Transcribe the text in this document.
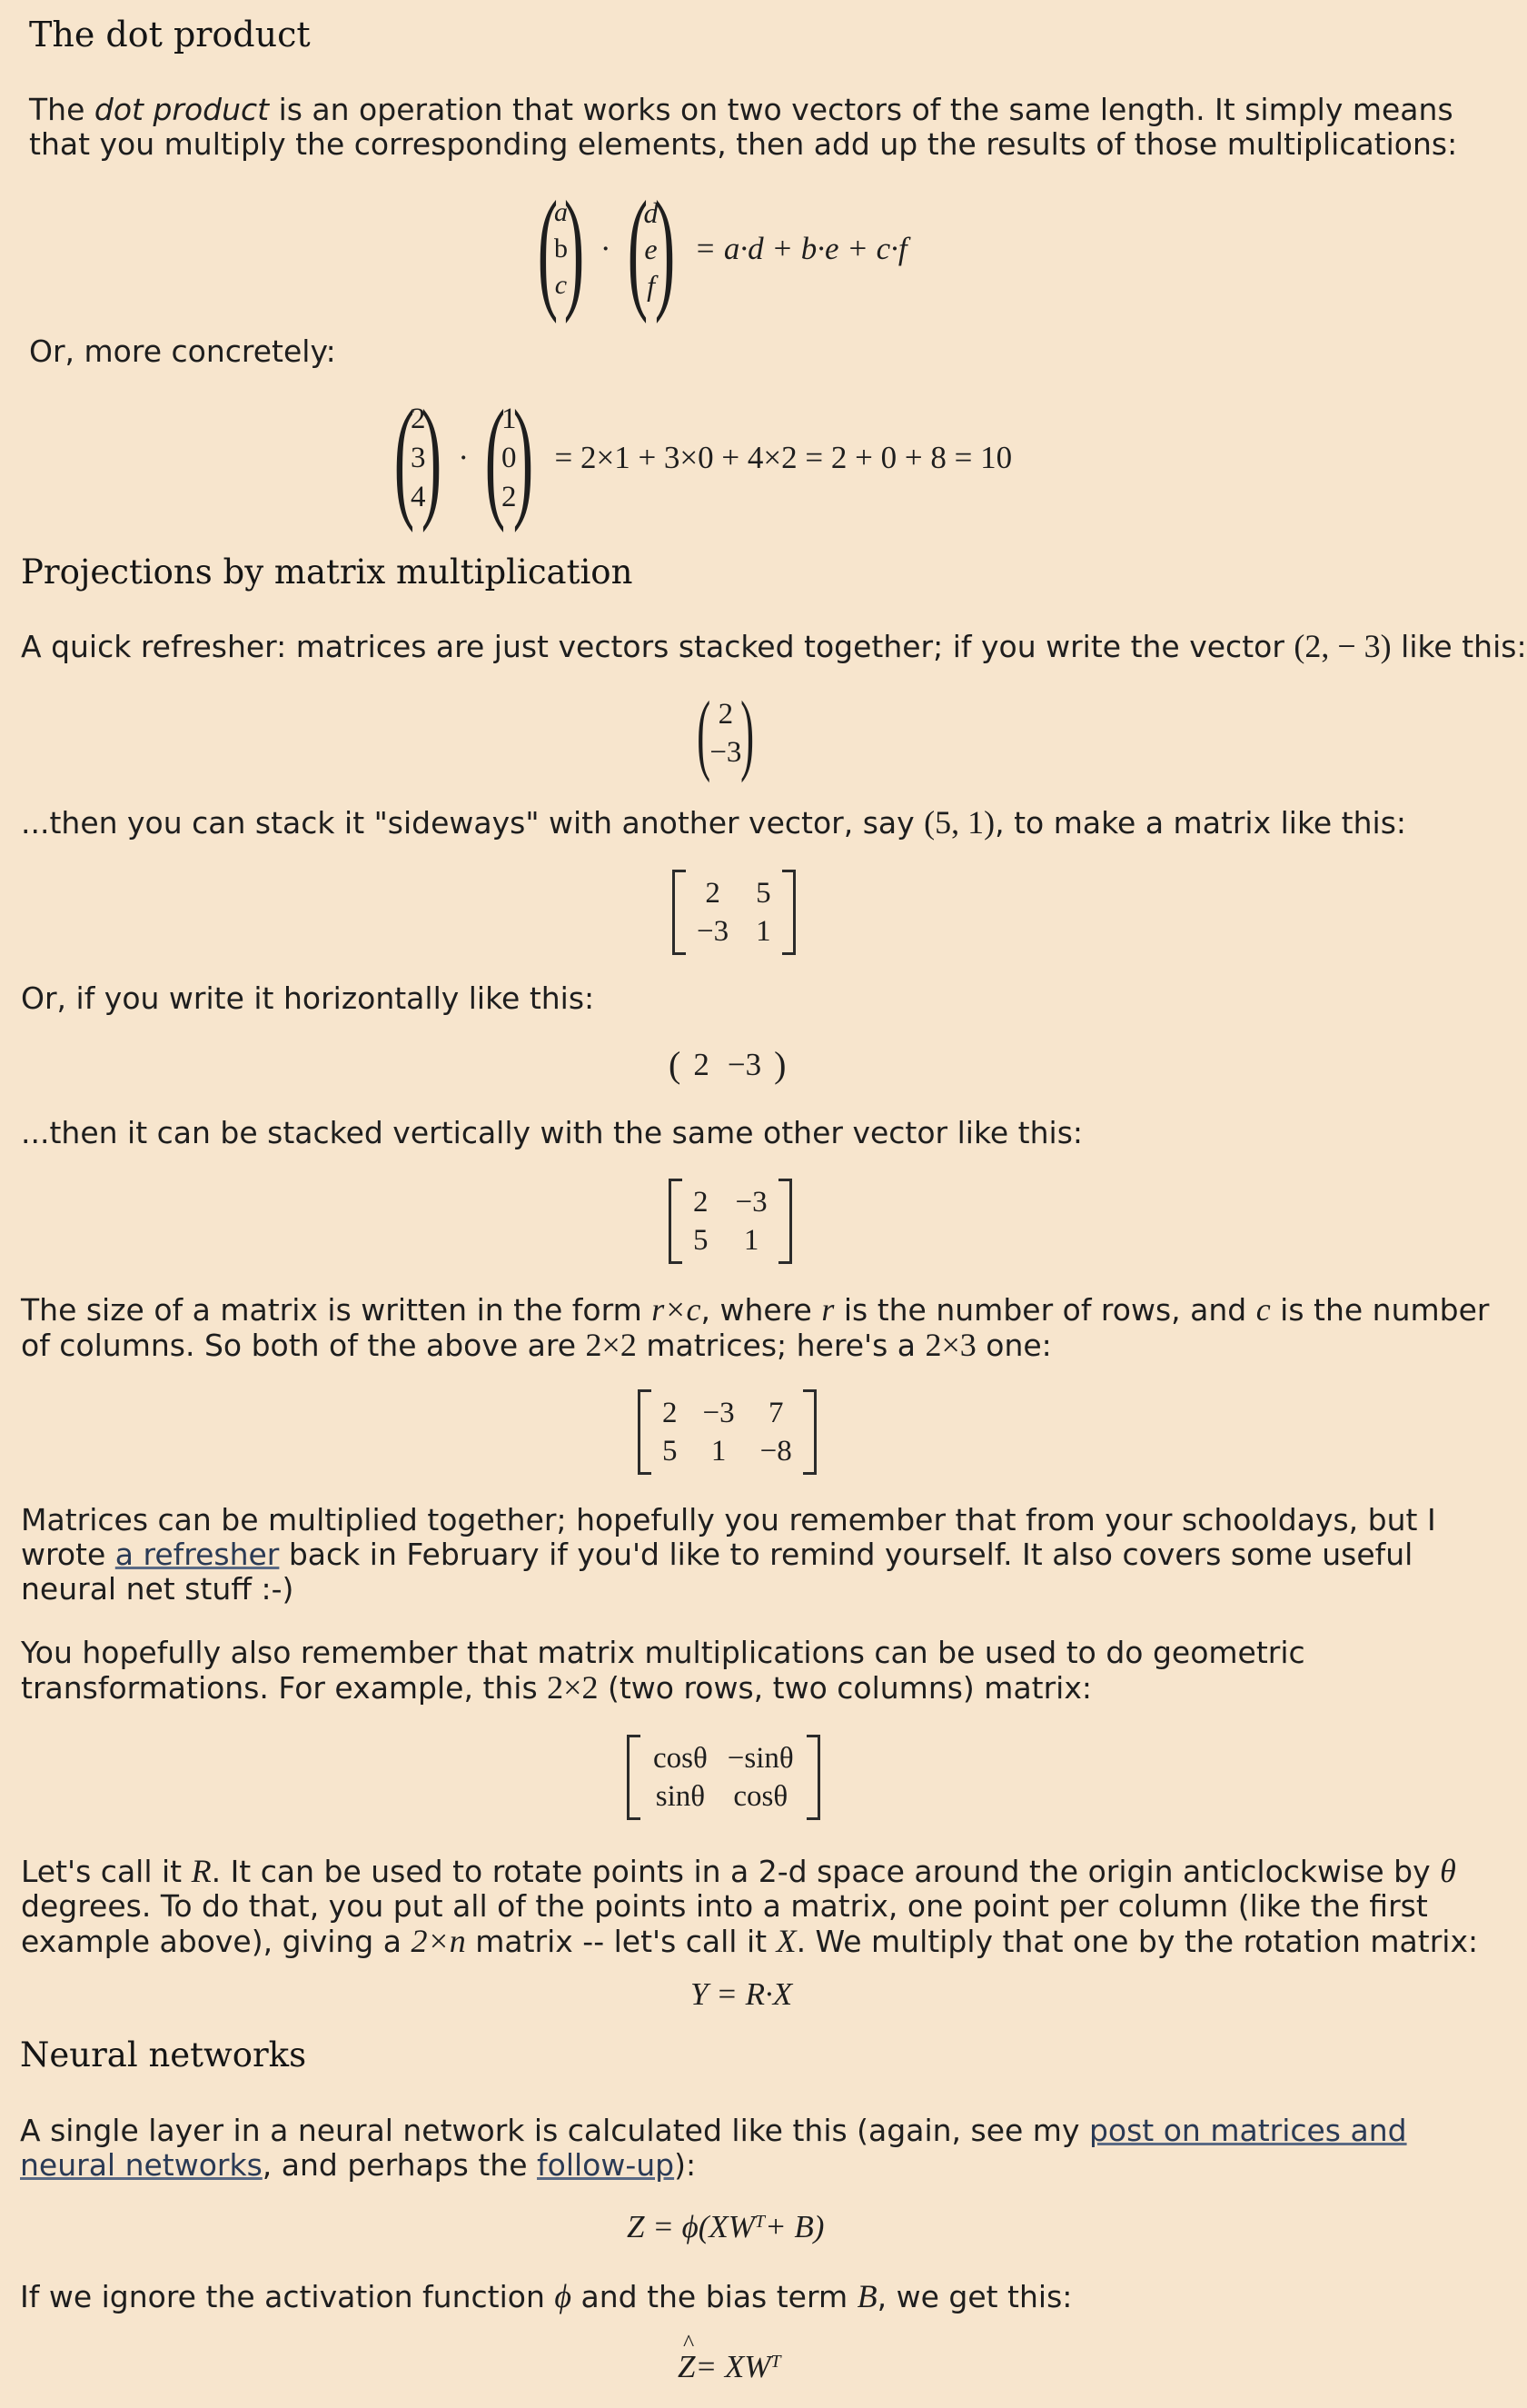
The dot product

The dot product is an operation that works on two vectors of the same length. It simply means that you multiply the corresponding elements, then add up the results of those multiplications:

(
a
b
c
) · (
d
e
f ) = a·d + b·e + c·f

Or, more concretely:

(
2
3
4
) · (
1
0
2
) = 2×1 + 3×0 + 4×2 = 2 + 0 + 8 = 10
Projections by matrix multiplication

A quick refresher: matrices are just vectors stacked together; if you write the vector (2, − 3) like this:

( 2
−3 )

...then you can stack it "sideways" with another vector, say (5, 1), to make a matrix like this:

2 5
−3 1

Or, if you write it horizontally like this:

( 2 −3 )

...then it can be stacked vertically with the same other vector like this:

2 −3
5 1

The size of a matrix is written in the form r×c, where r is the number of rows, and c is the number of columns. So both of the above are 2×2 matrices; here's a 2×3 one:

2 −3 7
5 1 −8

Matrices can be multiplied together; hopefully you remember that from your schooldays, but I wrote a refresher back in February if you'd like to remind yourself. It also covers some useful neural net stuff :-)

You hopefully also remember that matrix multiplications can be used to do geometric transformations. For example, this 2×2 (two rows, two columns) matrix:

cosθ −sinθ
sinθ cosθ

Let's call it R. It can be used to rotate points in a 2-d space around the origin anticlockwise by θ degrees. To do that, you put all of the points into a matrix, one point per column (like the first example above), giving a 2×n matrix -- let's call it X. We multiply that one by the rotation matrix:

Y = R·X
Neural networks

A single layer in a neural network is calculated like this (again, see my post on matrices and neural networks, and perhaps the follow-up):

$Z = \phi(XW^T + B)$

If we ignore the activation function ϕ and the bias term B, we get this:

^
$Z = XW^T$
